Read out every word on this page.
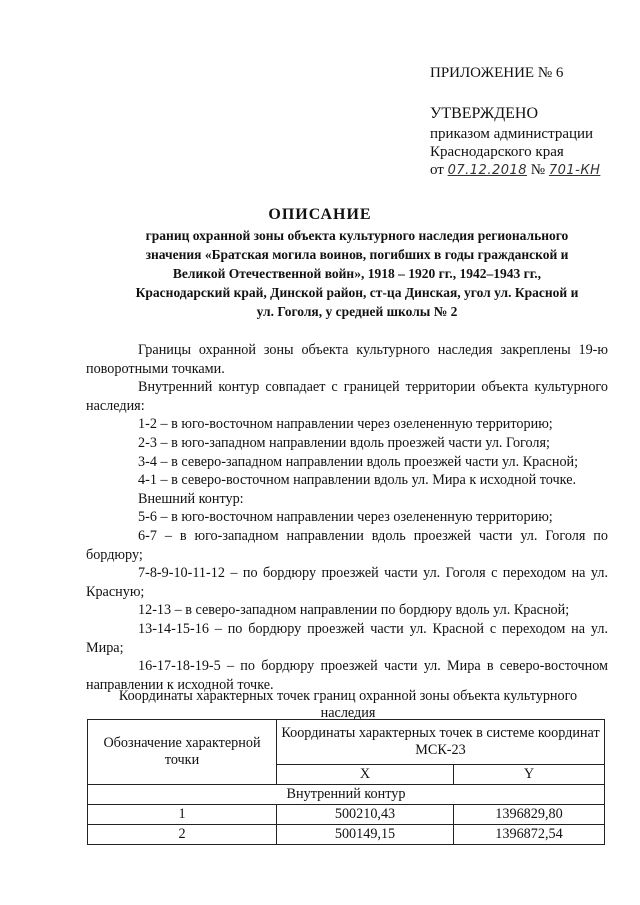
ПРИЛОЖЕНИЕ № 6
УТВЕРЖДЕНО
приказом администрации
Краснодарского края
от 07.12.2018 № 701-КН
ОПИСАНИЕ
границ охранной зоны объекта культурного наследия регионального
значения «Братская могила воинов, погибших в годы гражданской и
Великой Отечественной войн», 1918 – 1920 гг., 1942–1943 гг.,
Краснодарский край, Динской район, ст-ца Динская, угол ул. Красной и
ул. Гоголя, у средней школы № 2

Границы охранной зоны объекта культурного наследия закреплены 19-ю поворотными точками.

Внутренний контур совпадает с границей территории объекта культурного наследия:

1-2 – в юго-восточном направлении через озелененную территорию;

2-3 – в юго-западном направлении вдоль проезжей части ул. Гоголя;

3-4 – в северо-западном направлении вдоль проезжей части ул. Красной;

4-1 – в северо-восточном направлении вдоль ул. Мира к исходной точке.

Внешний контур:

5-6 – в юго-восточном направлении через озелененную территорию;

6-7 – в юго-западном направлении вдоль проезжей части ул. Гоголя по бордюру;

7-8-9-10-11-12 – по бордюру проезжей части ул. Гоголя с переходом на ул. Красную;

12-13 – в северо-западном направлении по бордюру вдоль ул. Красной;

13-14-15-16 – по бордюру проезжей части ул. Красной с переходом на ул. Мира;

16-17-18-19-5 – по бордюру проезжей части ул. Мира в северо-восточном направлении к исходной точке.

Координаты характерных точек границ охранной зоны объекта культурного наследия
Обозначение характерной точки	Координаты характерных точек в системе координат МСК-23	
	X	Y
Внутренний контур		
1	500210,43	1396829,80
2	500149,15	1396872,54
